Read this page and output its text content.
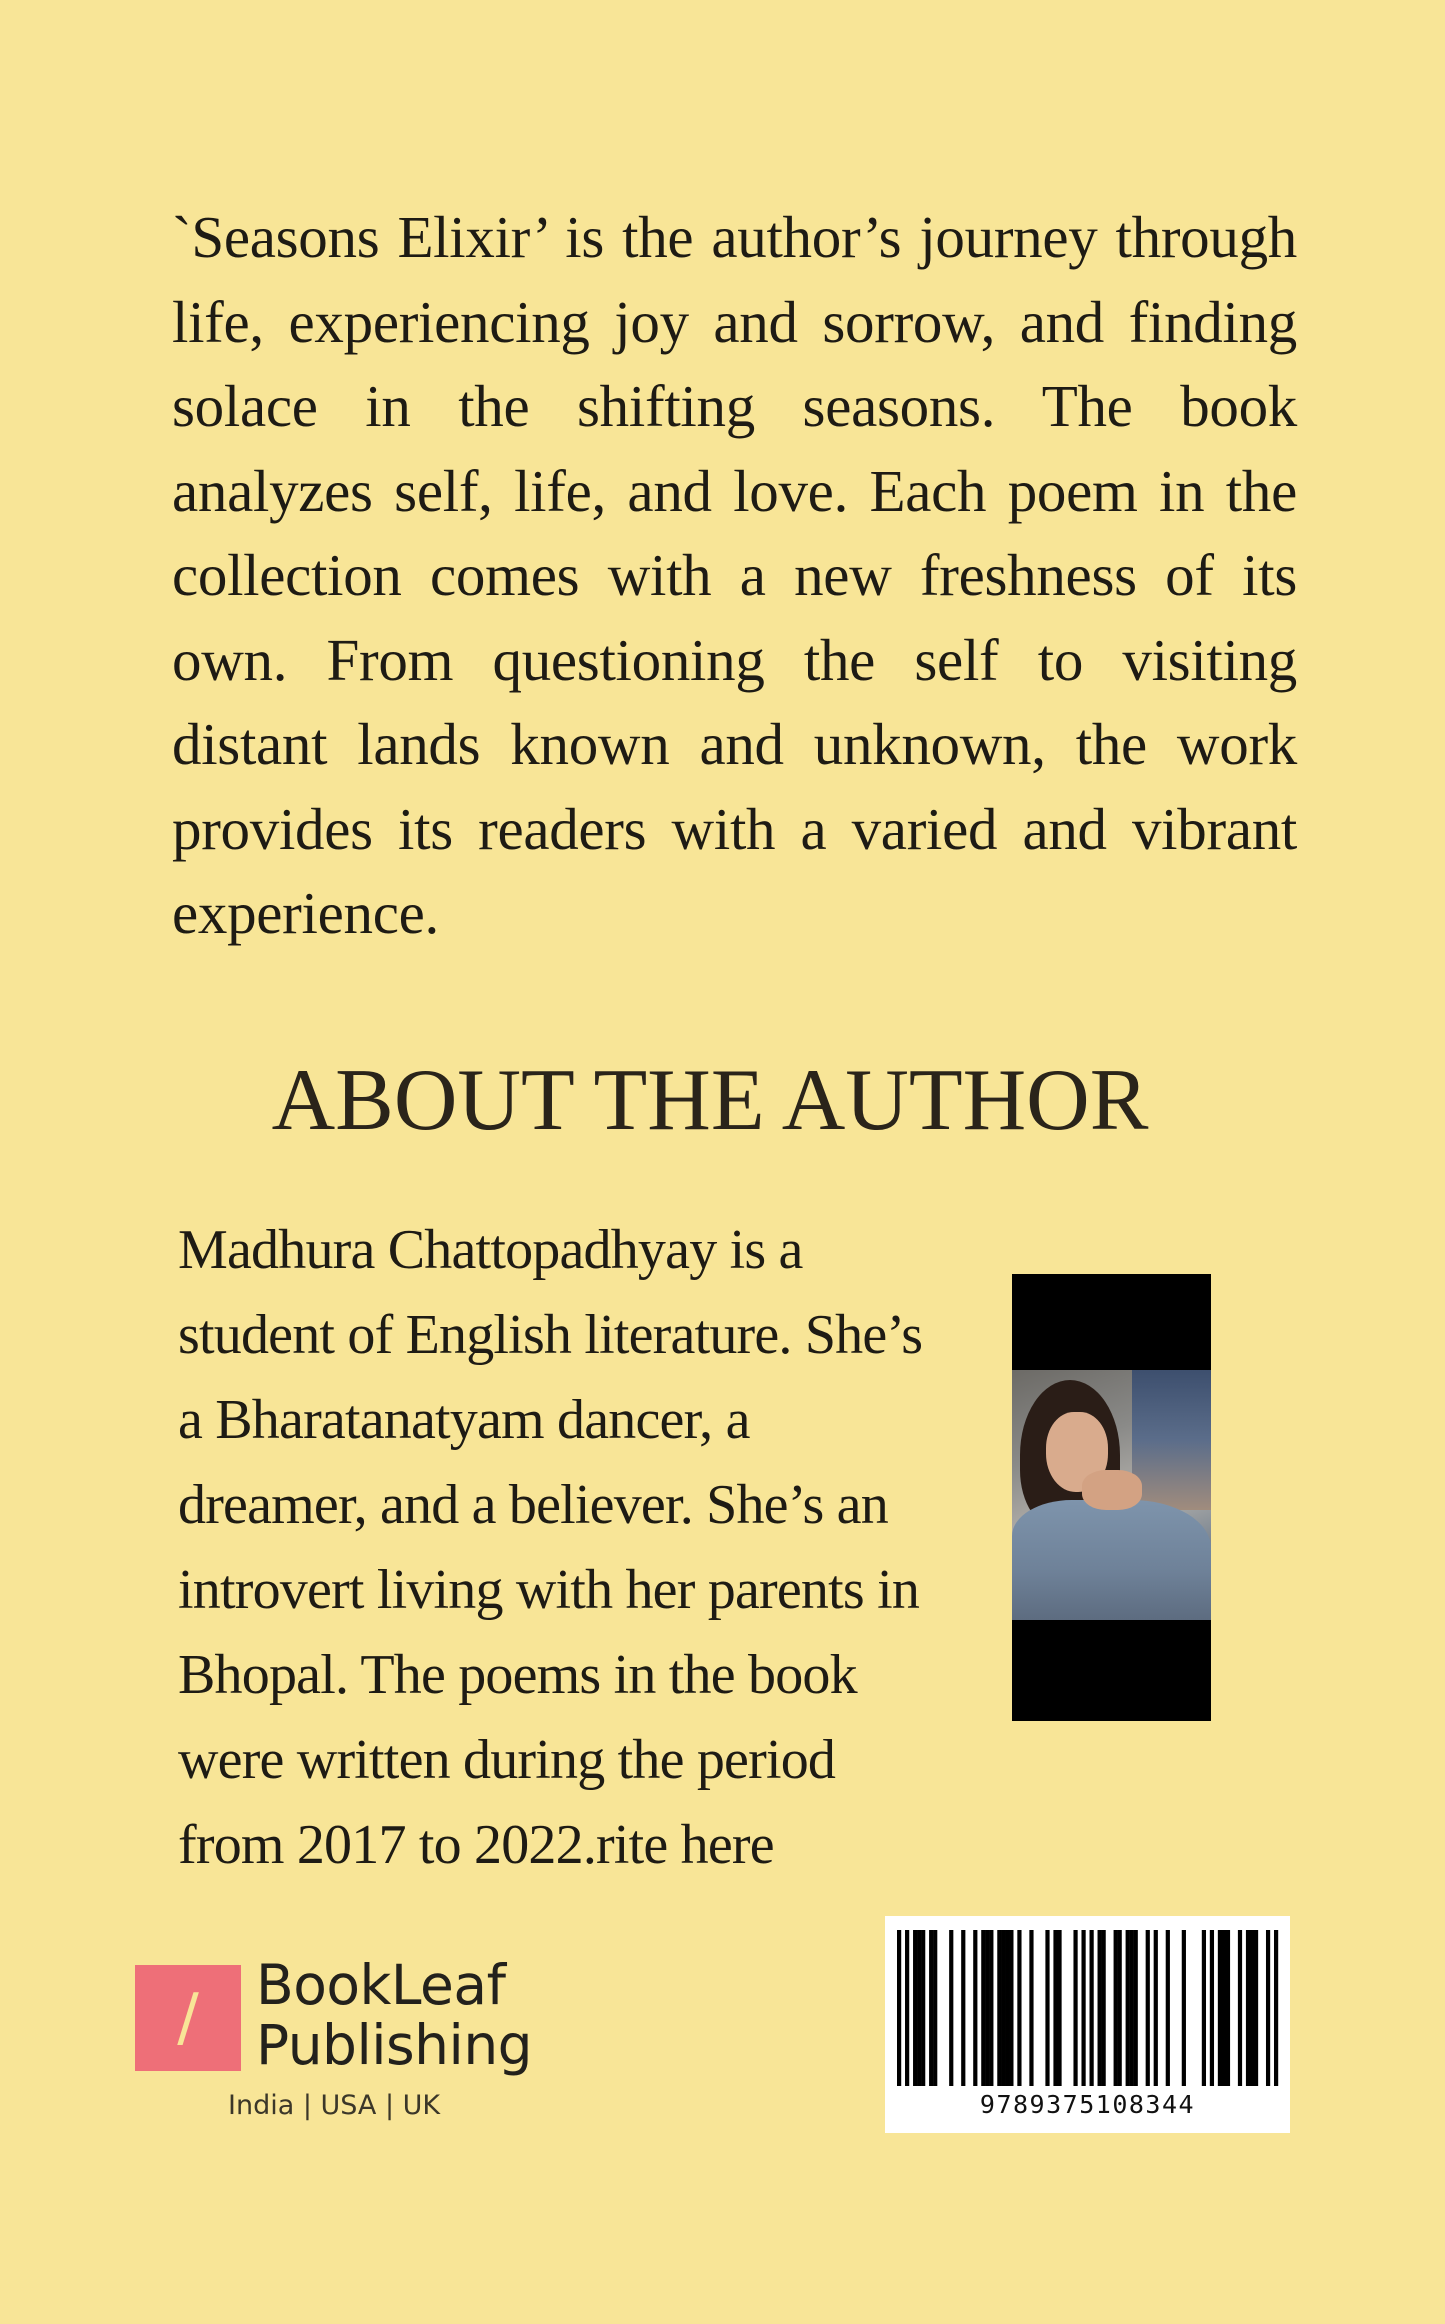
`Seasons Elixir’ is the author’s journey through life, experiencing joy and sorrow, and finding solace in the shifting seasons. The book analyzes self, life, and love. Each poem in the collection comes with a new freshness of its own. From questioning the self to visiting distant lands known and unknown, the work provides its readers with a varied and vibrant experience.
ABOUT THE AUTHOR
Madhura Chattopadhyay is a
student of English literature. She’s
a Bharatanatyam dancer, a
dreamer, and a believer. She’s an
introvert living with her parents in
Bhopal. The poems in the book
were written during the period
from 2017 to 2022.rite here
/	BookLeaf
Publishing
India | USA | UK	9789375108344
